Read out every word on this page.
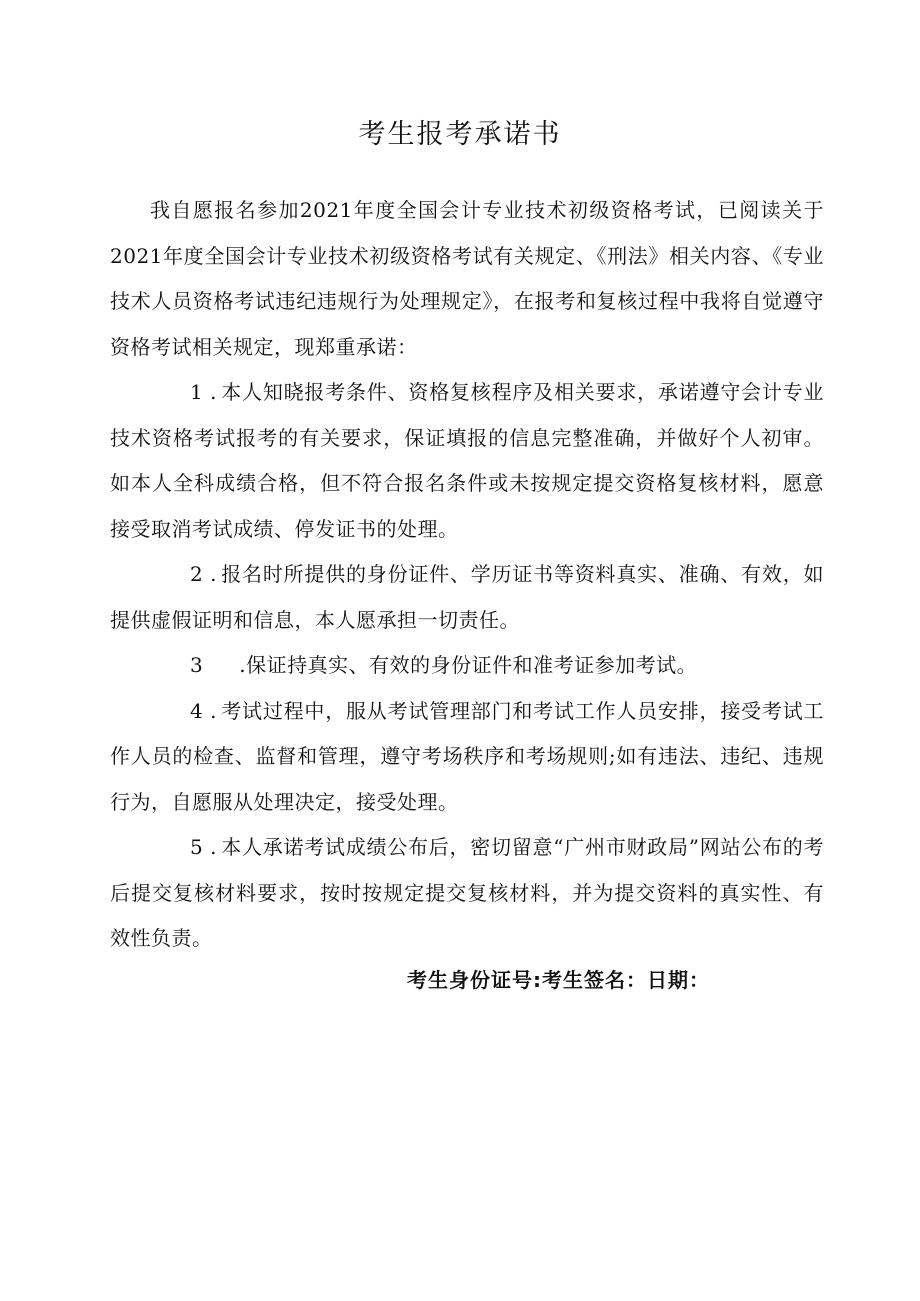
考生报考承诺书

我自愿报名参加2021年度全国会计专业技术初级资格考试，已阅读关于2021年度全国会计专业技术初级资格考试有关规定、《刑法》相关内容、《专业技术人员资格考试违纪违规行为处理规定》，在报考和复核过程中我将自觉遵守资格考试相关规定，现郑重承诺：

1 . 本人知晓报考条件、资格复核程序及相关要求，承诺遵守会计专业技术资格考试报考的有关要求，保证填报的信息完整准确，并做好个人初审。如本人全科成绩合格，但不符合报名条件或未按规定提交资格复核材料，愿意接受取消考试成绩、停发证书的处理。

2 . 报名时所提供的身份证件、学历证书等资料真实、准确、有效，如提供虚假证明和信息，本人愿承担一切责任。

3 .保证持真实、有效的身份证件和准考证参加考试。

4 . 考试过程中，服从考试管理部门和考试工作人员安排，接受考试工作人员的检查、监督和管理，遵守考场秩序和考场规则;如有违法、违纪、违规行为，自愿服从处理决定，接受处理。

5 . 本人承诺考试成绩公布后，密切留意“广州市财政局”网站公布的考后提交复核材料要求，按时按规定提交复核材料，并为提交资料的真实性、有效性负责。

考生身份证号:考生签名：日期：
